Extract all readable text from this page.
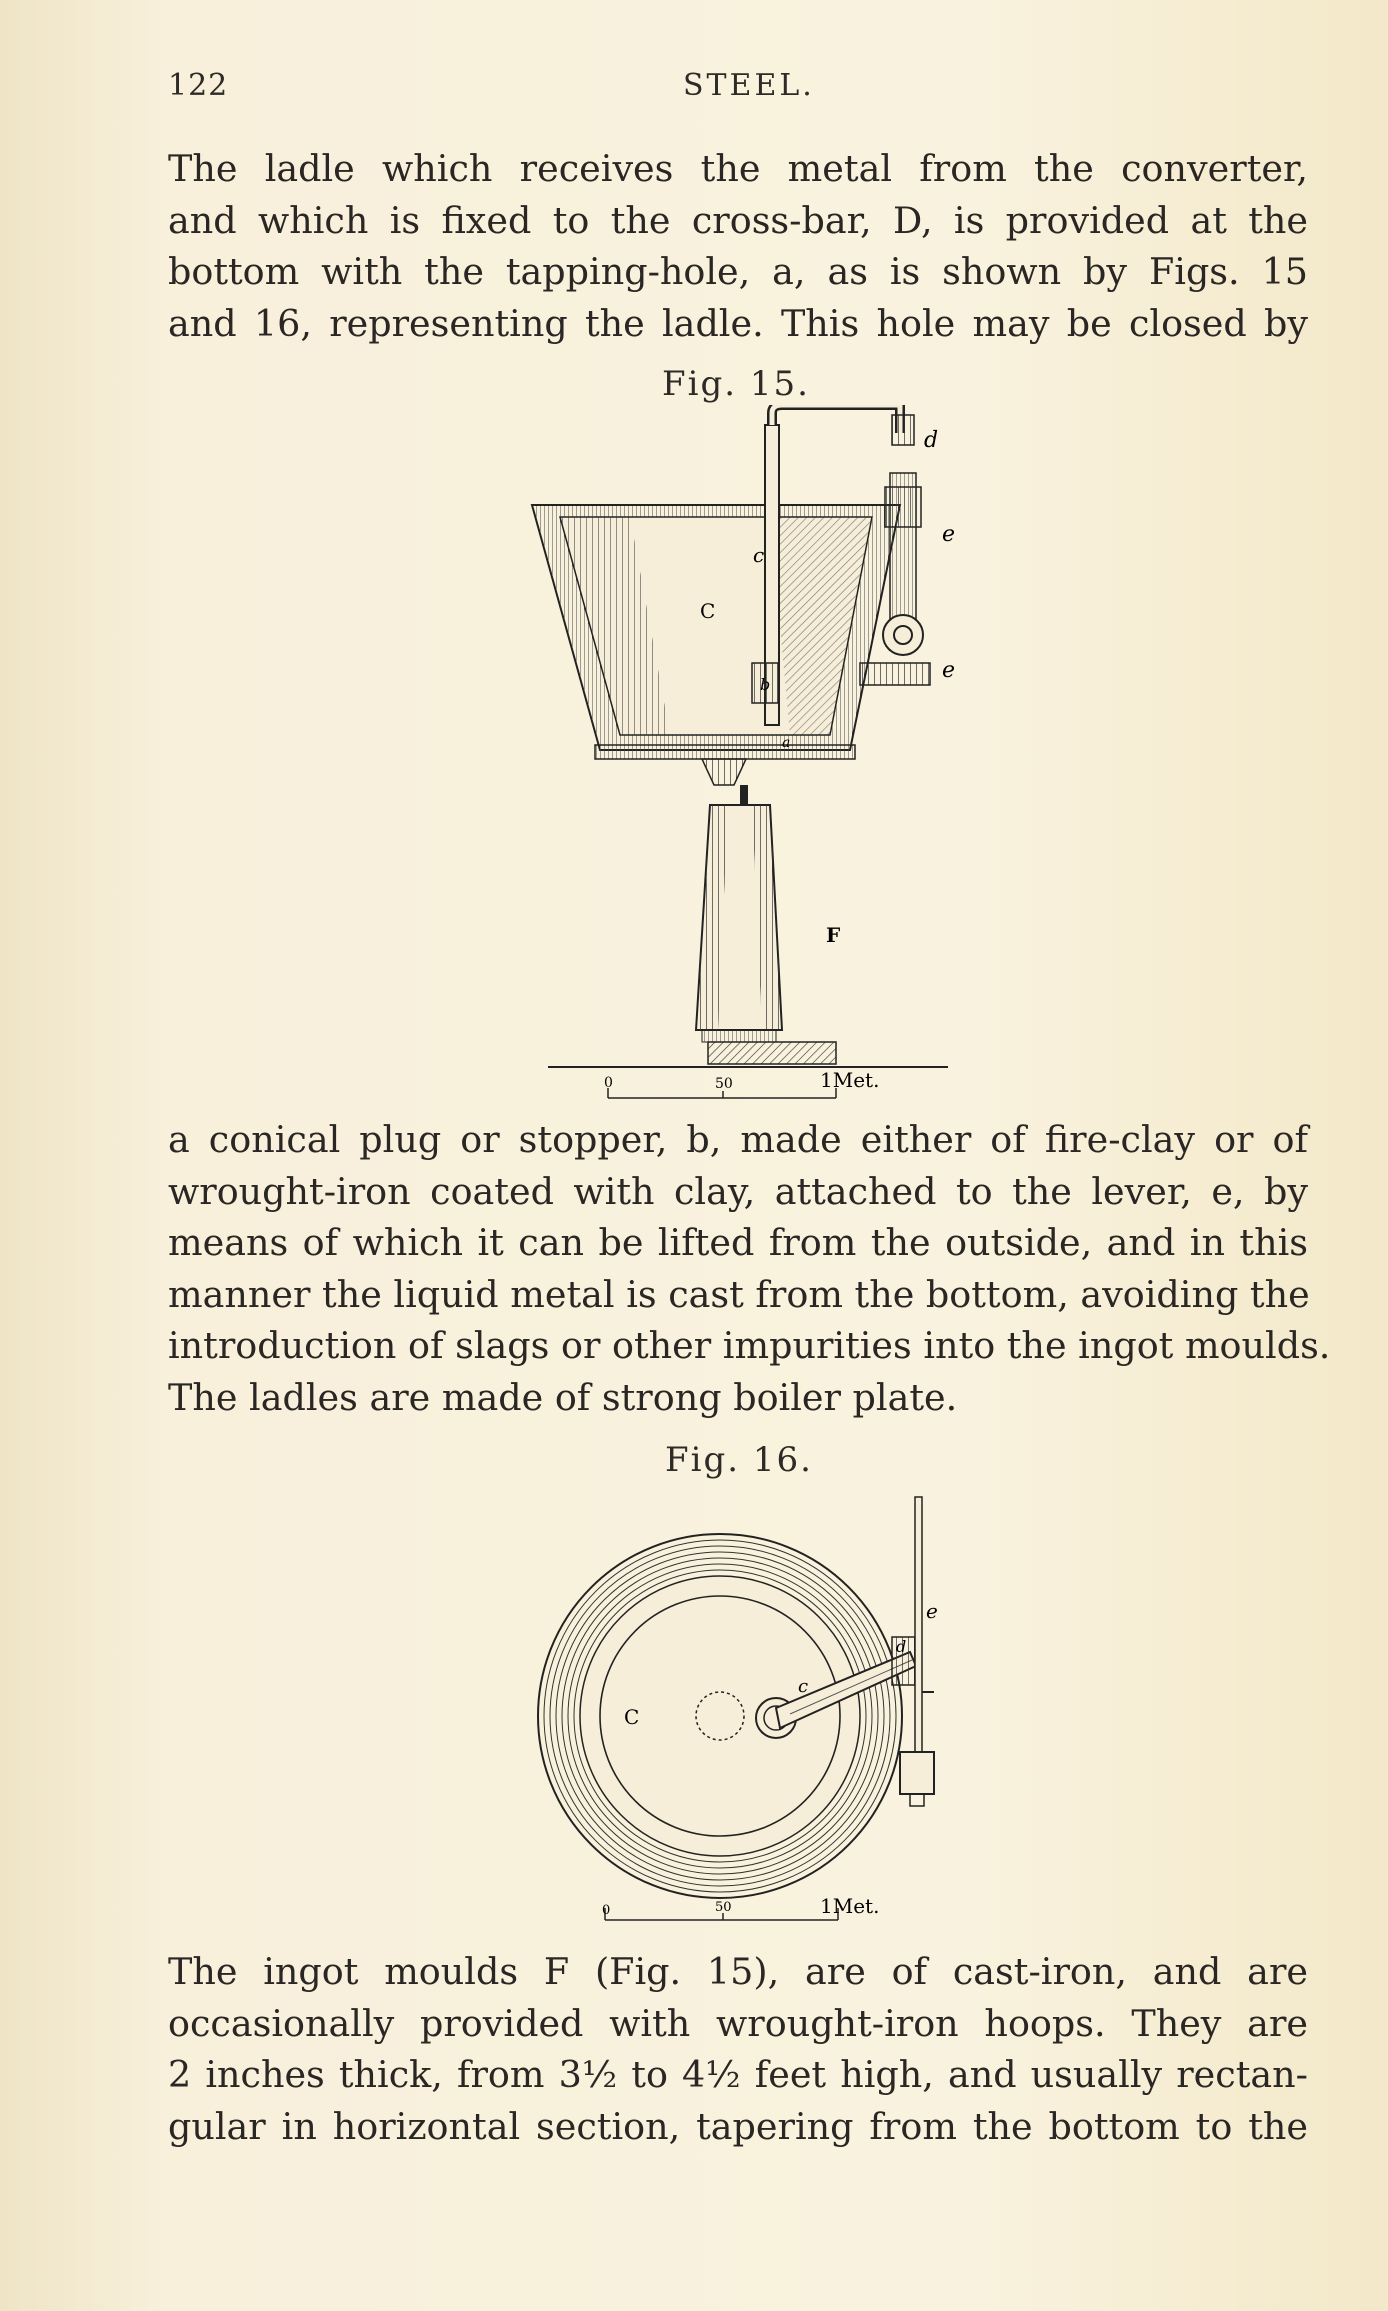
122	STEEL.
The ladle which receives the metal from the converter,
and which is fixed to the cross-bar, D, is provided at the
bottom with the tapping-hole, a, as is shown by Figs. 15
and 16, representing the ladle. This hole may be closed by
Fig. 15.
0	50	1Met.
c
d
e
e
C
b
a
F
a conical plug or stopper, b, made either of fire-clay or of
wrought-iron coated with clay, attached to the lever, e, by
means of which it can be lifted from the outside, and in this
manner the liquid metal is cast from the bottom, avoiding the
introduction of slags or other impurities into the ingot moulds.
The ladles are made of strong boiler plate.
Fig. 16.
0	50	1Met.
C
c
d
e
The ingot moulds F (Fig. 15), are of cast-iron, and are
occasionally provided with wrought-iron hoops. They are
2 inches thick, from 3½ to 4½ feet high, and usually rectan-
gular in horizontal section, tapering from the bottom to the
